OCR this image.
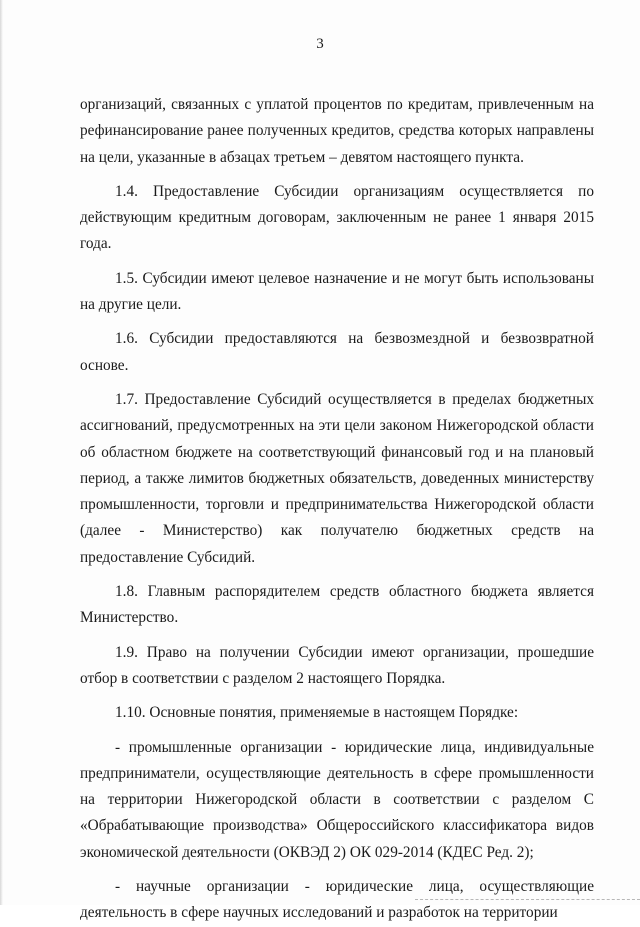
3

организаций, связанных с уплатой процентов по кредитам, привлеченным на рефинансирование ранее полученных кредитов, средства которых направлены на цели, указанные в абзацах третьем – девятом настоящего пункта.

1.4. Предоставление Субсидии организациям осуществляется по действующим кредитным договорам, заключенным не ранее 1 января 2015 года.

1.5. Субсидии имеют целевое назначение и не могут быть использованы на другие цели.

1.6. Субсидии предоставляются на безвозмездной и безвозвратной основе.

1.7. Предоставление Субсидий осуществляется в пределах бюджетных ассигнований, предусмотренных на эти цели законом Нижегородской области об областном бюджете на соответствующий финансовый год и на плановый период, а также лимитов бюджетных обязательств, доведенных министерству промышленности, торговли и предпринимательства Нижегородской области (далее - Министерство) как получателю бюджетных средств на предоставление Субсидий.

1.8. Главным распорядителем средств областного бюджета является Министерство.

1.9. Право на получении Субсидии имеют организации, прошедшие отбор в соответствии с разделом 2 настоящего Порядка.

1.10. Основные понятия, применяемые в настоящем Порядке:

- промышленные организации - юридические лица, индивидуальные предприниматели, осуществляющие деятельность в сфере промышленности на территории Нижегородской области в соответствии с разделом С «Обрабатывающие производства» Общероссийского классификатора видов экономической деятельности (ОКВЭД 2) ОК 029-2014 (КДЕС Ред. 2);

- научные организации - юридические лица, осуществляющие деятельность в сфере научных исследований и разработок на территории
